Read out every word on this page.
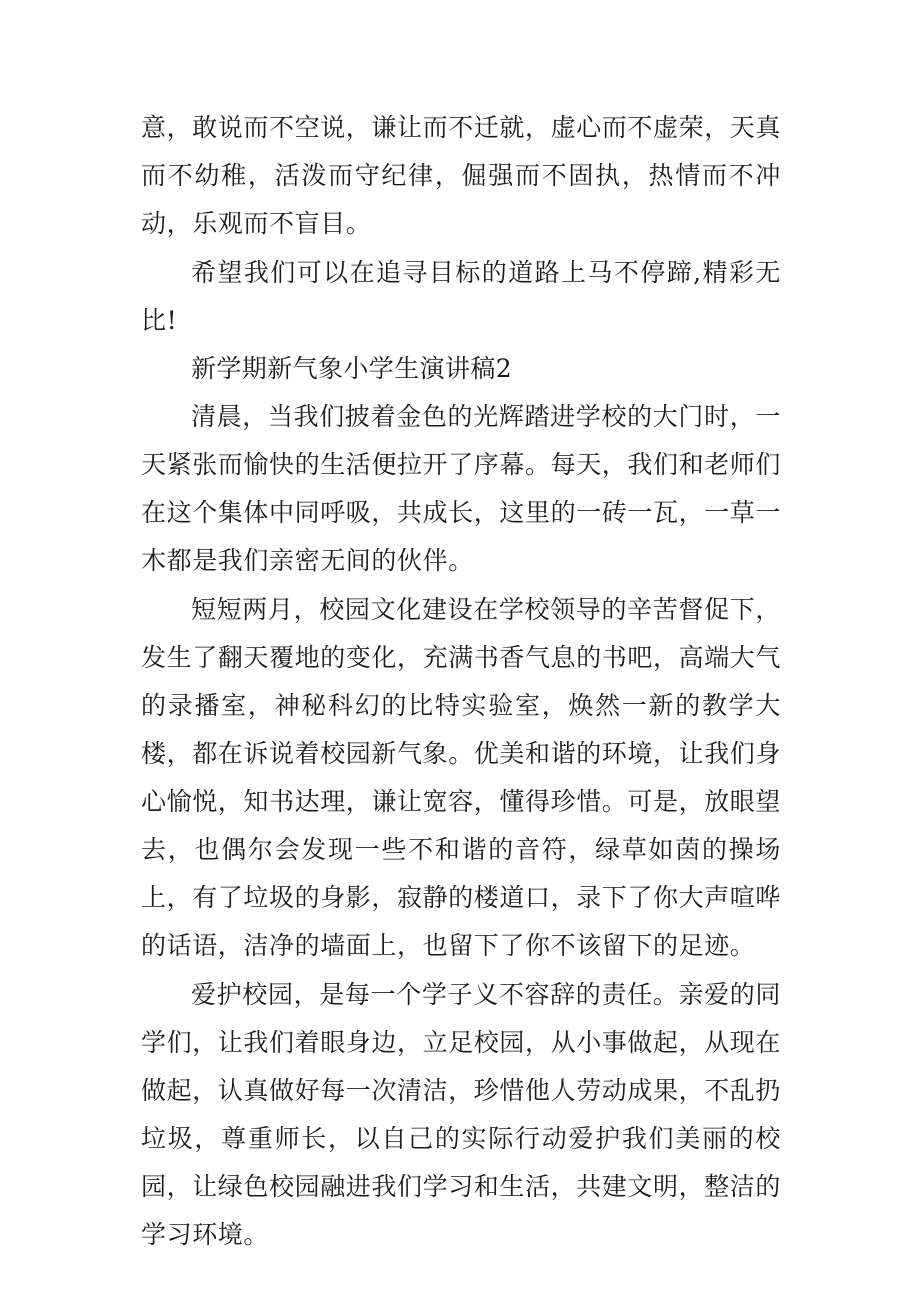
意，敢说而不空说，谦让而不迁就，虚心而不虚荣，天真而不幼稚，活泼而守纪律，倔强而不固执，热情而不冲动，乐观而不盲目。

希望我们可以在追寻目标的道路上马不停蹄,精彩无比!

新学期新气象小学生演讲稿2

清晨，当我们披着金色的光辉踏进学校的大门时，一天紧张而愉快的生活便拉开了序幕。每天，我们和老师们在这个集体中同呼吸，共成长，这里的一砖一瓦，一草一木都是我们亲密无间的伙伴。

短短两月，校园文化建设在学校领导的辛苦督促下，发生了翻天覆地的变化，充满书香气息的书吧，高端大气的录播室，神秘科幻的比特实验室，焕然一新的教学大楼，都在诉说着校园新气象。优美和谐的环境，让我们身心愉悦，知书达理，谦让宽容，懂得珍惜。可是，放眼望去，也偶尔会发现一些不和谐的音符，绿草如茵的操场上，有了垃圾的身影，寂静的楼道口，录下了你大声喧哗的话语，洁净的墙面上，也留下了你不该留下的足迹。

爱护校园，是每一个学子义不容辞的责任。亲爱的同学们，让我们着眼身边，立足校园，从小事做起，从现在做起，认真做好每一次清洁，珍惜他人劳动成果，不乱扔垃圾，尊重师长，以自己的实际行动爱护我们美丽的校园，让绿色校园融进我们学习和生活，共建文明，整洁的学习环境。
